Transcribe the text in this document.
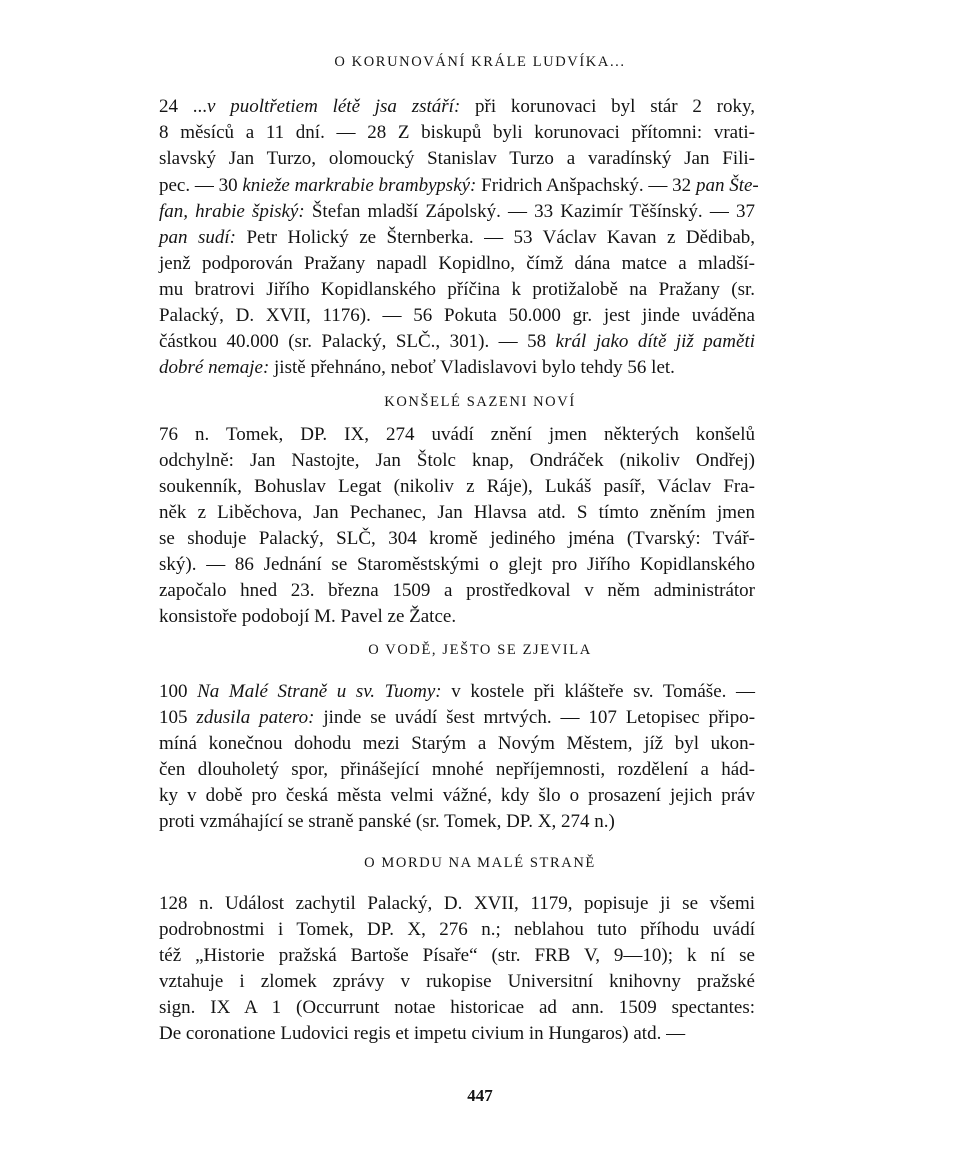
O KORUNOVÁNÍ KRÁLE LUDVÍKA...
24 ...v puoltřetiem létě jsa zstáří: při korunovaci byl stár 2 roky,
8 měsíců a 11 dní. — 28 Z biskupů byli korunovaci přítomni: vrati-
slavský Jan Turzo, olomoucký Stanislav Turzo a varadínský Jan Fili-
pec. — 30 kniežе markrabie brambурský: Fridrich Anšpachský. — 32 pan Šte-
fan, hrabie špiský: Štefan mladší Zápolský. — 33 Kazimír Těšínský. — 37
pan sudí: Petr Holický ze Šternberka. — 53 Václav Kavan z Dědibab,
jenž podporován Pražany napadl Kopidlno, čímž dána matce a mladší-
mu bratrovi Jiřího Kopidlanského příčina k protižalobě na Pražany (sr.
Palacký, D. XVII, 1176). — 56 Pokuta 50.000 gr. jest jinde uváděna
částkou 40.000 (sr. Palacký, SLČ., 301). — 58 král jako dítě již paměti
dobré nemaje: jistě přehnáno, neboť Vladislavovi bylo tehdy 56 let.
KONŠELÉ SAZENI NOVÍ
76 n. Tomek, DP. IX, 274 uvádí znění jmen některých konšelů
odchylně: Jan Nastojte, Jan Štolc knap, Ondráček (nikoliv Ondřej)
soukenník, Bohuslav Legat (nikoliv z Ráje), Lukáš pasíř, Václav Fra-
něk z Liběchova, Jan Pechanec, Jan Hlavsa atd. S tímto zněním jmen
se shoduje Palacký, SLČ, 304 kromě jediného jména (Tvarský: Tvář-
ský). — 86 Jednání se Staroměstskými o glejt pro Jiřího Kopidlanského
započalo hned 23. března 1509 a prostředkoval v něm administrátor
konsistoře podobojí M. Pavel ze Žatce.
O VODĚ, JEŠTO SE ZJEVILA
100 Na Malé Straně u sv. Tuomy: v kostele při klášteře sv. Tomáše. —
105 zdusila patero: jinde se uvádí šest mrtvých. — 107 Letopisec připo-
míná konečnou dohodu mezi Starým a Novým Městem, jíž byl ukon-
čen dlouholetý spor, přinášející mnohé nepříjemnosti, rozdělení a hád-
ky v době pro česká města velmi vážné, kdy šlo o prosazení jejich práv
proti vzmáhající se straně panské (sr. Tomek, DP. X, 274 n.)
O MORDU NA MALÉ STRANĚ
128 n. Událost zachytil Palacký, D. XVII, 1179, popisuje ji se všemi
podrobnostmi i Tomek, DP. X, 276 n.; neblahou tuto příhodu uvádí
též „Historie pražská Bartoše Písaře“ (str. FRB V, 9—10); k ní se
vztahuje i zlomek zprávy v rukopise Universitní knihovny pražské
sign. IX A 1 (Occurrunt notae historicae ad ann. 1509 spectantes:
De coronatione Ludovici regis et impetu civium in Hungaros) atd. —
447
